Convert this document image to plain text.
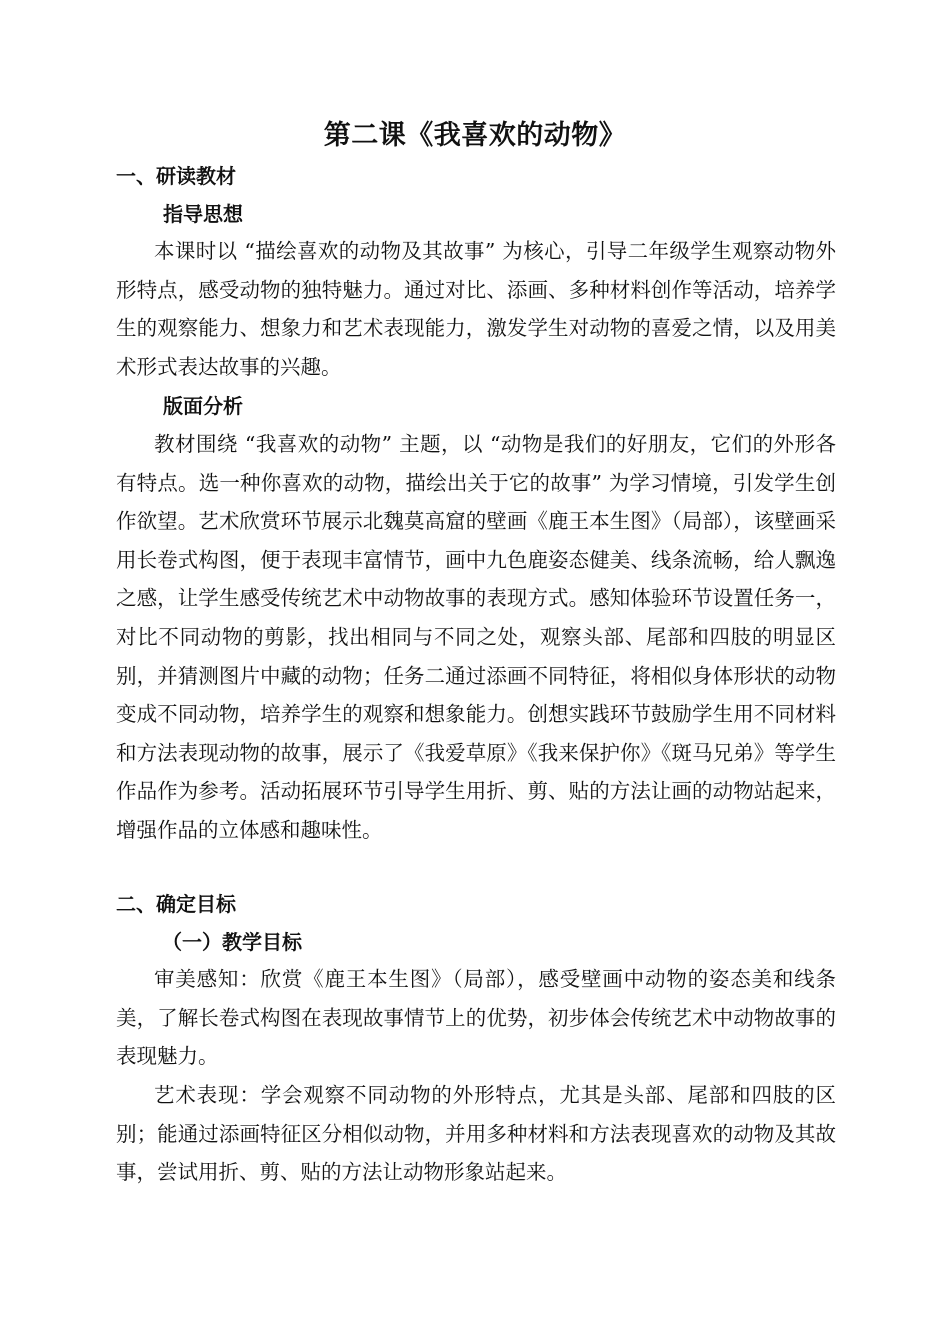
第二课《我喜欢的动物》
一、研读教材
指导思想

本课时以 “描绘喜欢的动物及其故事” 为核心，引导二年级学生观察动物外形特点，感受动物的独特魅力。通过对比、添画、多种材料创作等活动，培养学生的观察能力、想象力和艺术表现能力，激发学生对动物的喜爱之情，以及用美术形式表达故事的兴趣。

版面分析

教材围绕 “我喜欢的动物” 主题，以 “动物是我们的好朋友，它们的外形各有特点。选一种你喜欢的动物，描绘出关于它的故事” 为学习情境，引发学生创作欲望。艺术欣赏环节展示北魏莫高窟的壁画《鹿王本生图》（局部），该壁画采用长卷式构图，便于表现丰富情节，画中九色鹿姿态健美、线条流畅，给人飘逸之感，让学生感受传统艺术中动物故事的表现方式。感知体验环节设置任务一，对比不同动物的剪影，找出相同与不同之处，观察头部、尾部和四肢的明显区别，并猜测图片中藏的动物；任务二通过添画不同特征，将相似身体形状的动物变成不同动物，培养学生的观察和想象能力。创想实践环节鼓励学生用不同材料和方法表现动物的故事，展示了《我爱草原》《我来保护你》《斑马兄弟》等学生作品作为参考。活动拓展环节引导学生用折、剪、贴的方法让画的动物站起来，增强作品的立体感和趣味性。

二、确定目标
（一）教学目标

审美感知：欣赏《鹿王本生图》（局部），感受壁画中动物的姿态美和线条美，了解长卷式构图在表现故事情节上的优势，初步体会传统艺术中动物故事的表现魅力。

艺术表现：学会观察不同动物的外形特点，尤其是头部、尾部和四肢的区别；能通过添画特征区分相似动物，并用多种材料和方法表现喜欢的动物及其故事，尝试用折、剪、贴的方法让动物形象站起来。
